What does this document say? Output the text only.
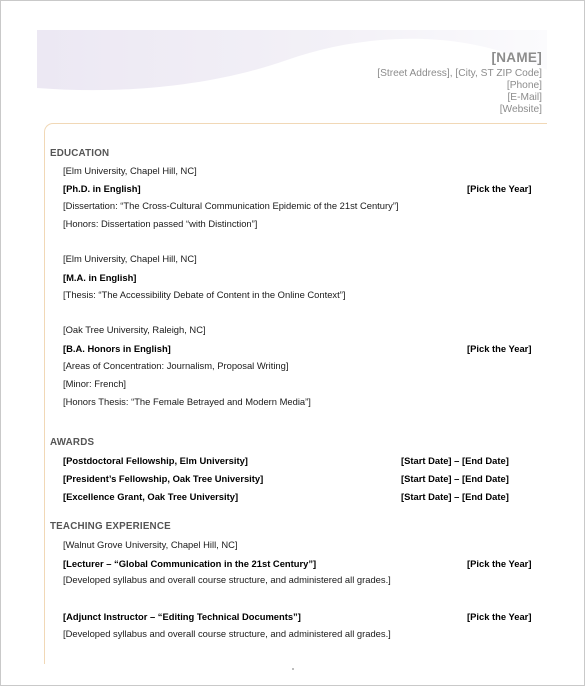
[NAME]
[Street Address], [City, ST ZIP Code]
[Phone]
[E-Mail]
[Website]
EDUCATION
[Elm University, Chapel Hill, NC]
[Ph.D. in English]	[Pick the Year]
[Dissertation: “The Cross-Cultural Communication Epidemic of the 21st Century”]
[Honors: Dissertation passed “with Distinction”]
[Elm University, Chapel Hill, NC]
[M.A. in English]
[Thesis: “The Accessibility Debate of Content in the Online Context”]
[Oak Tree University, Raleigh, NC]
[B.A. Honors in English]	[Pick the Year]
[Areas of Concentration: Journalism, Proposal Writing]
[Minor: French]
[Honors Thesis: “The Female Betrayed and Modern Media”]
AWARDS
[Postdoctoral Fellowship, Elm University]	[Start Date] – [End Date]
[President’s Fellowship, Oak Tree University]	[Start Date] – [End Date]
[Excellence Grant, Oak Tree University]	[Start Date] – [End Date]
TEACHING EXPERIENCE
[Walnut Grove University, Chapel Hill, NC]
[Lecturer – “Global Communication in the 21st Century”]	[Pick the Year]
[Developed syllabus and overall course structure, and administered all grades.]
[Adjunct Instructor – “Editing Technical Documents”]	[Pick the Year]
[Developed syllabus and overall course structure, and administered all grades.]
